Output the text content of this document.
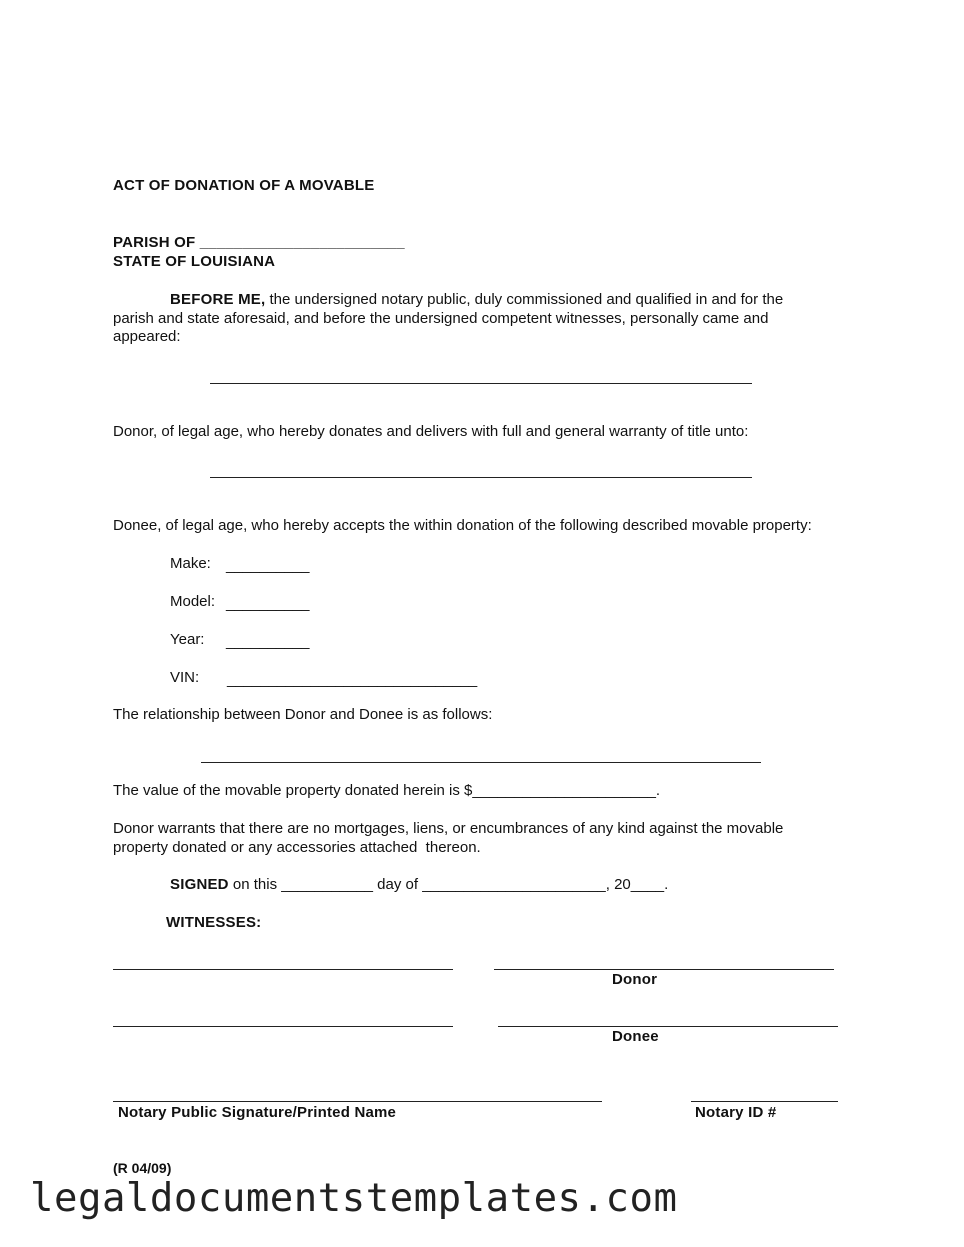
ACT OF DONATION OF A MOVABLE
PARISH OF ________________________
STATE OF LOUISIANA
BEFORE ME, the undersigned notary public, duly commissioned and qualified in and for the
parish and state aforesaid, and before the undersigned competent witnesses, personally came and
appeared:
Donor, of legal age, who hereby donates and delivers with full and general warranty of title unto:
Donee, of legal age, who hereby accepts the within donation of the following described movable property:
Make: __________
Model: __________
Year: __________
VIN: ______________________________
The relationship between Donor and Donee is as follows:
The value of the movable property donated herein is $______________________.
Donor warrants that there are no mortgages, liens, or encumbrances of any kind against the movable
property donated or any accessories attached  thereon.
SIGNED on this ___________ day of ______________________, 20____.
WITNESSES:
Donor
Donee
Notary Public Signature/Printed Name	Notary ID #
(R 04/09)
legaldocumentstemplates.com
